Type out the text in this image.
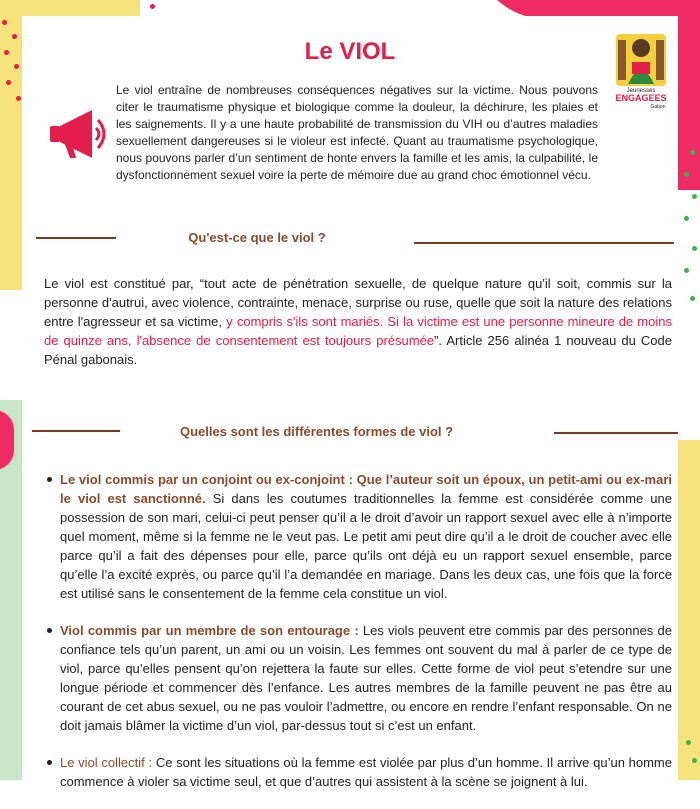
Le VIOL
Jeunesses
ENGAGEES
Gabon

Le viol entraîne de nombreuses conséquences négatives sur la victime. Nous pouvons citer le traumatisme physique et biologique comme la douleur, la déchirure, les plaies et les saignements. Il y a une haute probabilité de transmission du VIH ou d’autres maladies sexuellement dangereuses si le violeur est infecté. Quant au traumatisme psychologique, nous pouvons parler d’un sentiment de honte envers la famille et les amis, la culpabilité, le dysfonctionnement sexuel voire la perte de mémoire due au grand choc émotionnel vécu.

Qu'est-ce que le viol ?

Le viol est constitué par, “tout acte de pénétration sexuelle, de quelque nature qu'il soit, commis sur la personne d'autrui, avec violence, contrainte, menace, surprise ou ruse, quelle que soit la nature des relations entre l'agresseur et sa victime, y compris s'ils sont mariés. Si la victime est une personne mineure de moins de quinze ans, l'absence de consentement est toujours présumée”. Article 256 alinéa 1 nouveau du Code Pénal gabonais.

Quelles sont les différentes formes de viol ?
Le viol commis par un conjoint ou ex-conjoint : Que l’auteur soit un époux, un petit-ami ou ex-mari le viol est sanctionné. Si dans les coutumes traditionnelles la femme est considérée comme une possession de son mari, celui-ci peut penser qu’il a le droit d’avoir un rapport sexuel avec elle à n’importe quel moment, même si la femme ne le veut pas. Le petit ami peut dire qu’il a le droit de coucher avec elle parce qu’il a fait des dépenses pour elle, parce qu’ils ont déjà eu un rapport sexuel ensemble, parce qu’elle l’a excité exprès, ou parce qu’il l’a demandée en mariage. Dans les deux cas, une fois que la force est utilisé sans le consentement de la femme cela constitue un viol.
Viol commis par un membre de son entourage : Les viols peuvent etre commis par des personnes de confiance tels qu’un parent, un ami ou un voisin. Les femmes ont souvent du mal à parler de ce type de viol, parce qu’elles pensent qu’on rejettera la faute sur elles. Cette forme de viol peut s’etendre sur une longue période et commencer dès l’enfance. Les autres membres de la famille peuvent ne pas être au courant de cet abus sexuel, ou ne pas vouloir l’admettre, ou encore en rendre l’enfant responsable. On ne doit jamais blâmer la victime d’un viol, par-dessus tout si c’est un enfant.
Le viol collectif : Ce sont les situations où la femme est violée par plus d’un homme. Il arrive qu’un homme commence à violer sa victime seul, et que d’autres qui assistent à la scène se joignent à lui.
